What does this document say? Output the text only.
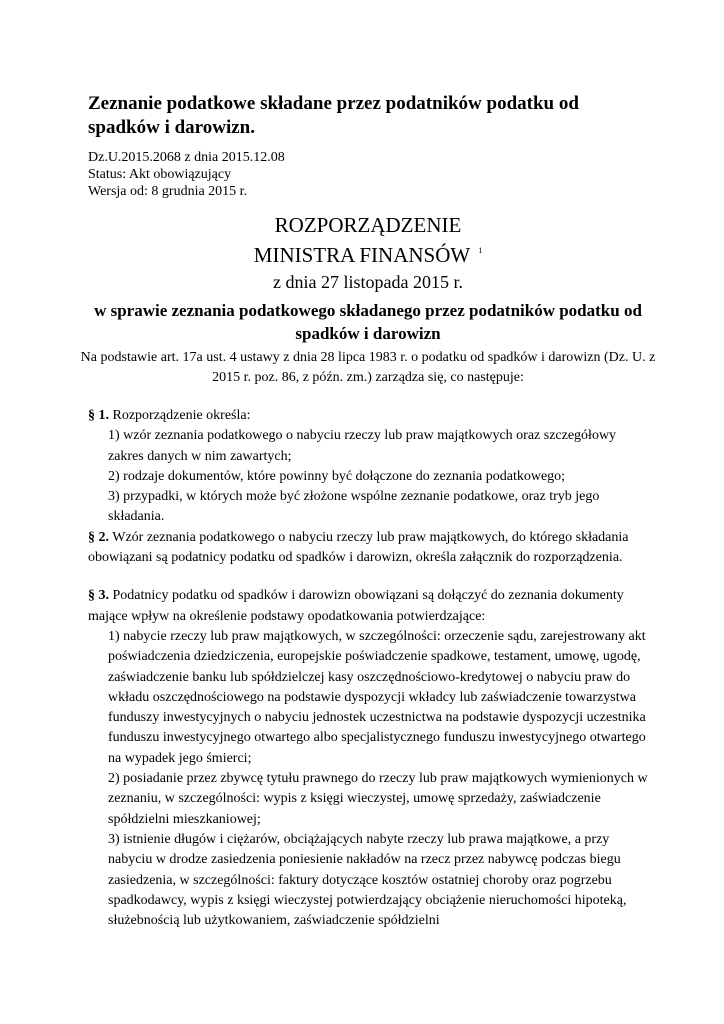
Zeznanie podatkowe składane przez podatników podatku od spadków i darowizn.
Dz.U.2015.2068 z dnia 2015.12.08
Status: Akt obowiązujący
Wersja od: 8 grudnia 2015 r.
ROZPORZĄDZENIE
MINISTRA FINANSÓW $^1$
z dnia 27 listopada 2015 r.
w sprawie zeznania podatkowego składanego przez podatników podatku od spadków i darowizn
Na podstawie art. 17a ust. 4 ustawy z dnia 28 lipca 1983 r. o podatku od spadków i darowizn (Dz. U. z 2015 r. poz. 86, z późn. zm.) zarządza się, co następuje:
§ 1. Rozporządzenie określa:
1) wzór zeznania podatkowego o nabyciu rzeczy lub praw majątkowych oraz szczegółowy zakres danych w nim zawartych;
2) rodzaje dokumentów, które powinny być dołączone do zeznania podatkowego;
3) przypadki, w których może być złożone wspólne zeznanie podatkowe, oraz tryb jego składania.
§ 2. Wzór zeznania podatkowego o nabyciu rzeczy lub praw majątkowych, do którego składania obowiązani są podatnicy podatku od spadków i darowizn, określa załącznik do rozporządzenia.
§ 3. Podatnicy podatku od spadków i darowizn obowiązani są dołączyć do zeznania dokumenty mające wpływ na określenie podstawy opodatkowania potwierdzające:
1) nabycie rzeczy lub praw majątkowych, w szczególności: orzeczenie sądu, zarejestrowany akt poświadczenia dziedziczenia, europejskie poświadczenie spadkowe, testament, umowę, ugodę, zaświadczenie banku lub spółdzielczej kasy oszczędnościowo-kredytowej o nabyciu praw do wkładu oszczędnościowego na podstawie dyspozycji wkładcy lub zaświadczenie towarzystwa funduszy inwestycyjnych o nabyciu jednostek uczestnictwa na podstawie dyspozycji uczestnika funduszu inwestycyjnego otwartego albo specjalistycznego funduszu inwestycyjnego otwartego na wypadek jego śmierci;
2) posiadanie przez zbywcę tytułu prawnego do rzeczy lub praw majątkowych wymienionych w zeznaniu, w szczególności: wypis z księgi wieczystej, umowę sprzedaży, zaświadczenie spółdzielni mieszkaniowej;
3) istnienie długów i ciężarów, obciążających nabyte rzeczy lub prawa majątkowe, a przy nabyciu w drodze zasiedzenia poniesienie nakładów na rzecz przez nabywcę podczas biegu zasiedzenia, w szczególności: faktury dotyczące kosztów ostatniej choroby oraz pogrzebu spadkodawcy, wypis z księgi wieczystej potwierdzający obciążenie nieruchomości hipoteką, służebnością lub użytkowaniem, zaświadczenie spółdzielni
